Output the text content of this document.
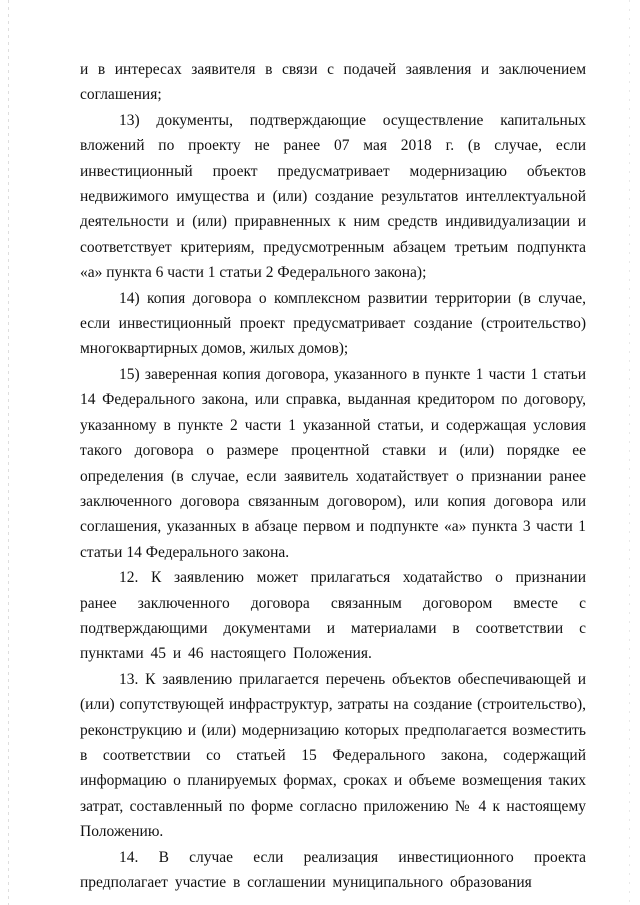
и в интересах заявителя в связи с подачей заявления и заключением соглашения;

13) документы, подтверждающие осуществление капитальных вложений по проекту не ранее 07 мая 2018 г. (в случае, если инвестиционный проект предусматривает модернизацию объектов недвижимого имущества и (или) создание результатов интеллектуальной деятельности и (или) приравненных к ним средств индивидуализации и соответствует критериям, предусмотренным абзацем третьим подпункта «а» пункта 6 части 1 статьи 2 Федерального закона);

14) копия договора о комплексном развитии территории (в случае, если инвестиционный проект предусматривает создание (строительство) многоквартирных домов, жилых домов);

15) заверенная копия договора, указанного в пункте 1 части 1 статьи 14 Федерального закона, или справка, выданная кредитором по договору, указанному в пункте 2 части 1 указанной статьи, и содержащая условия такого договора о размере процентной ставки и (или) порядке ее определения (в случае, если заявитель ходатайствует о признании ранее заключенного договора связанным договором), или копия договора или соглашения, указанных в абзаце первом и подпункте «а» пункта 3 части 1 статьи 14 Федерального закона.

12. К заявлению может прилагаться ходатайство о признании ранее заключенного договора связанным договором вместе с подтверждающими документами и материалами в соответствии с пунктами 45 и 46 настоящего Положения.

13. К заявлению прилагается перечень объектов обеспечивающей и (или) сопутствующей инфраструктур, затраты на создание (строительство), реконструкцию и (или) модернизацию которых предполагается возместить в соответствии со статьей 15 Федерального закона, содержащий информацию о планируемых формах, сроках и объеме возмещения таких затрат, составленный по форме согласно приложению № 4 к настоящему Положению.

14. В случае если реализация инвестиционного проекта предполагает участие в соглашении муниципального образования
